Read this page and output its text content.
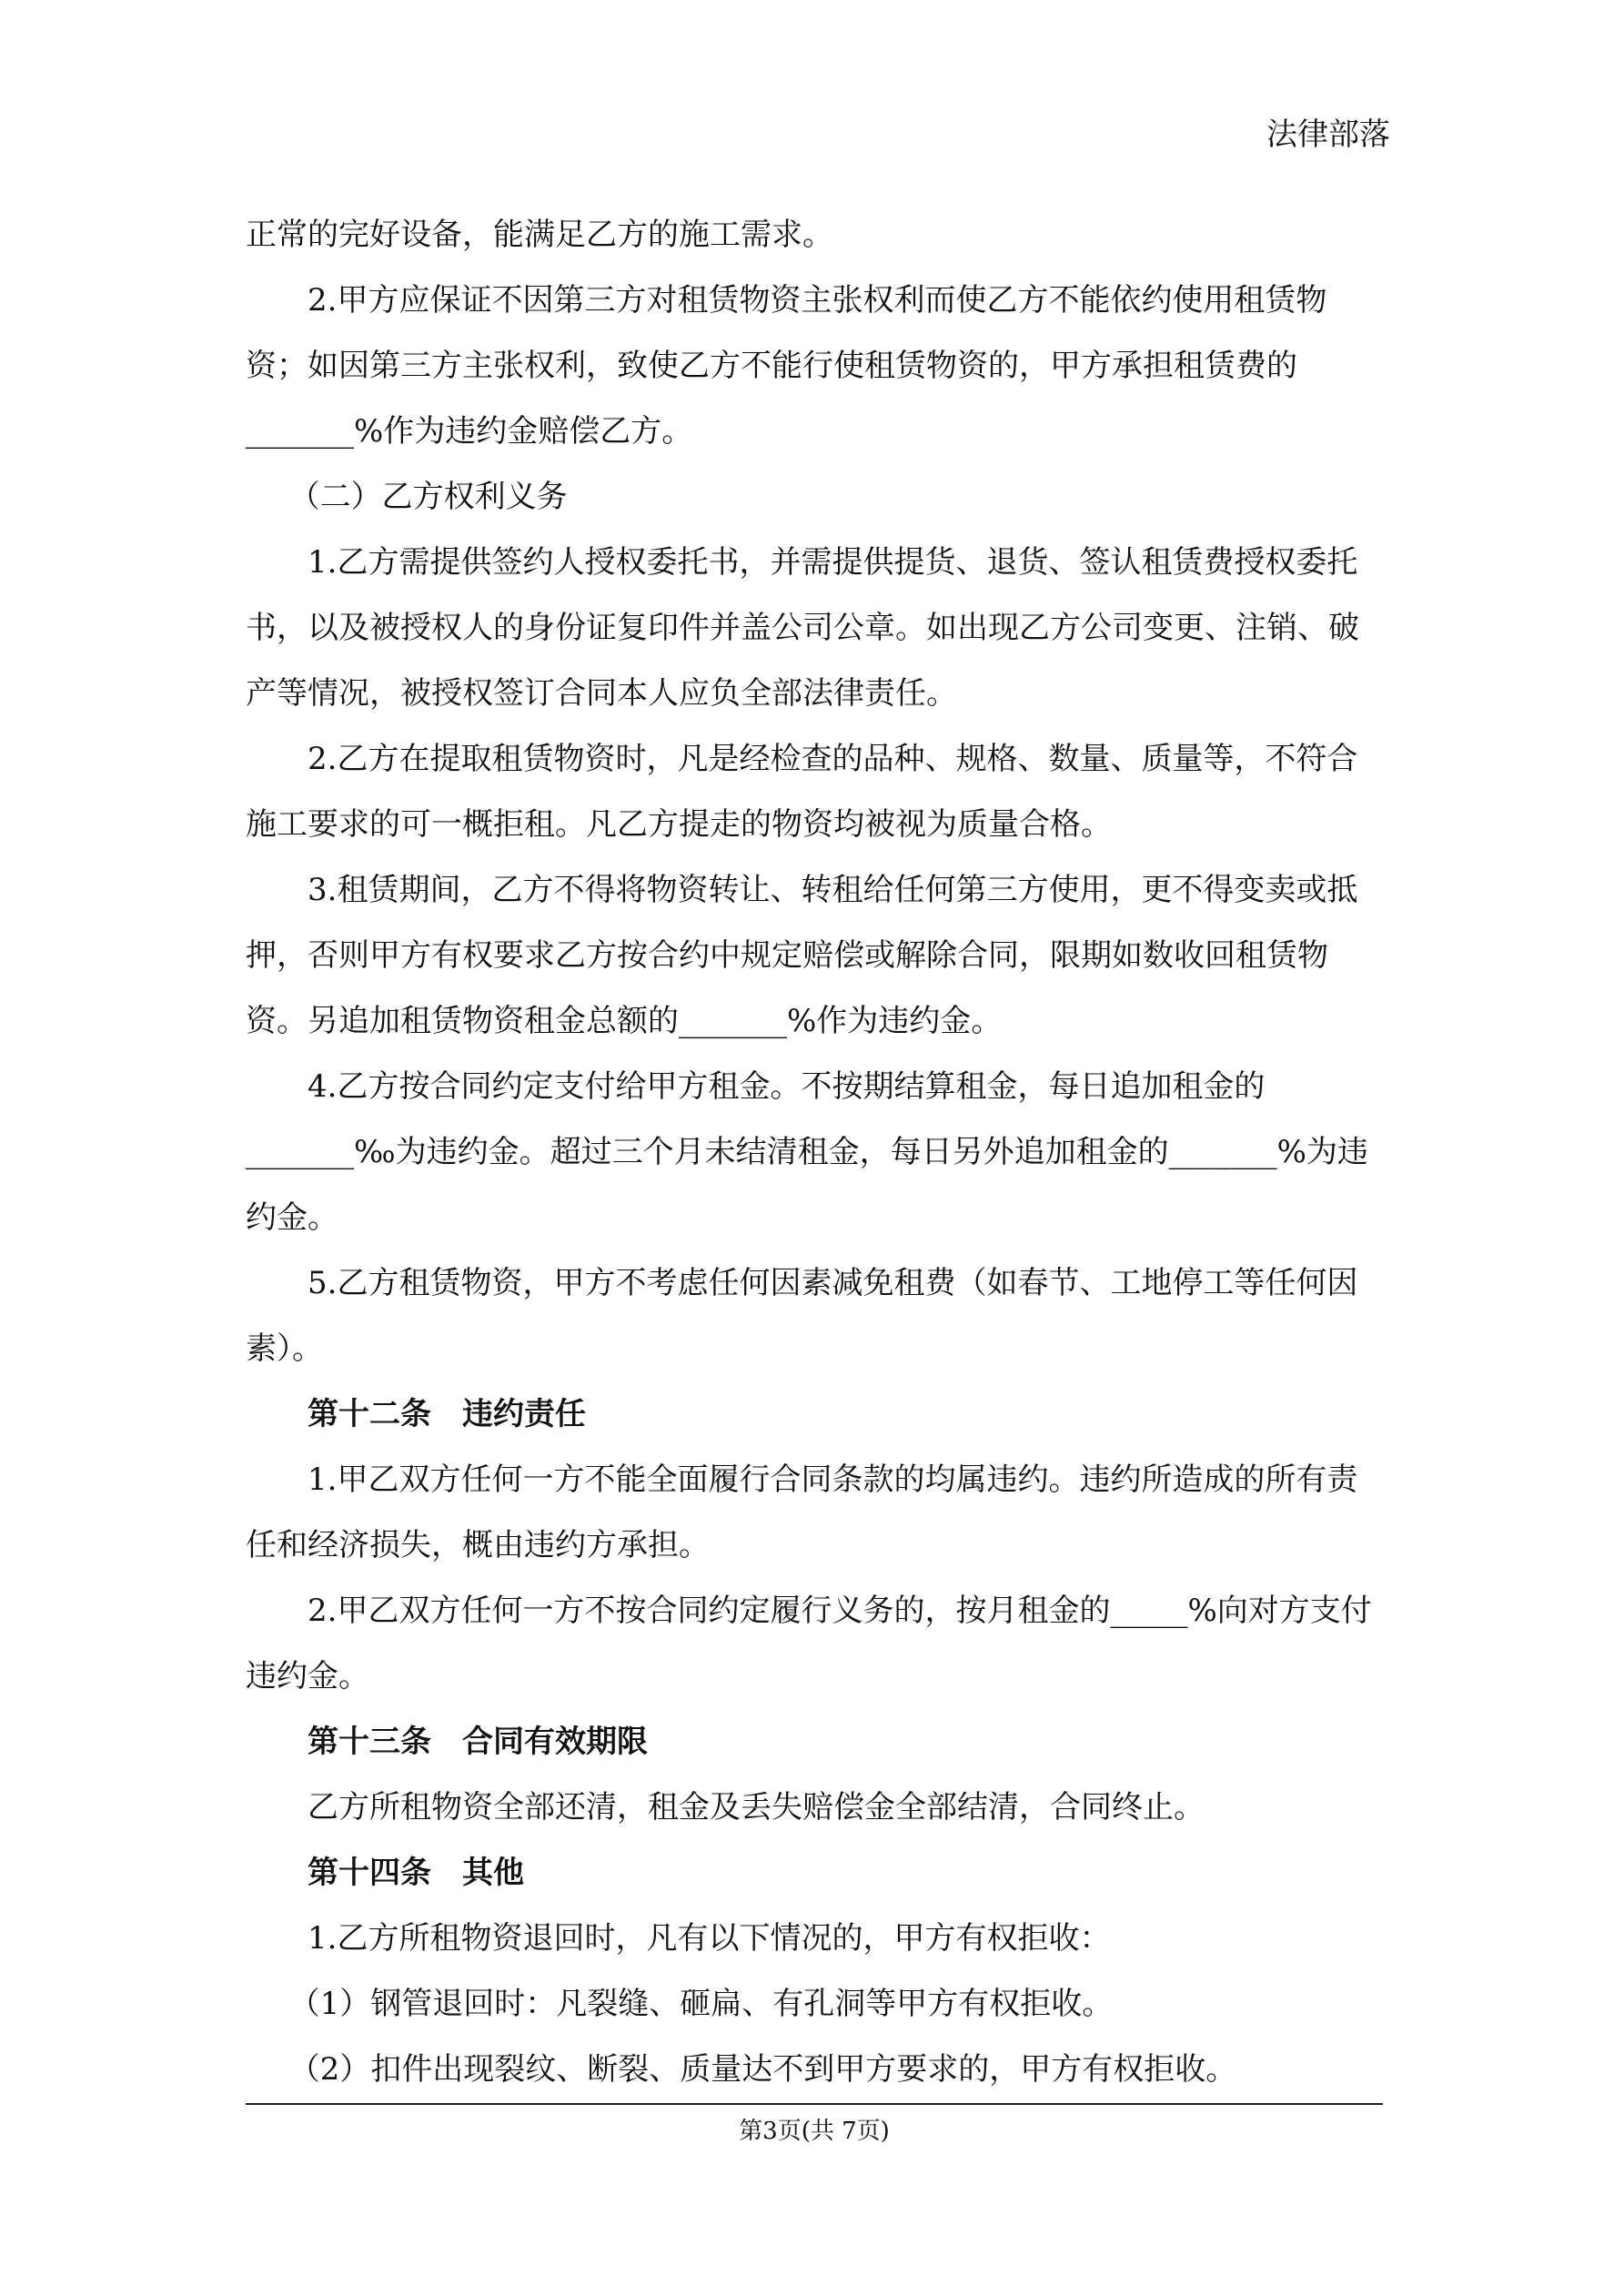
法律部落

正常的完好设备，能满足乙方的施工需求。

2.甲方应保证不因第三方对租赁物资主张权利而使乙方不能依约使用租赁物资；如因第三方主张权利，致使乙方不能行使租赁物资的，甲方承担租赁费的_______%作为违约金赔偿乙方。

（二）乙方权利义务

1.乙方需提供签约人授权委托书，并需提供提货、退货、签认租赁费授权委托书，以及被授权人的身份证复印件并盖公司公章。如出现乙方公司变更、注销、破产等情况，被授权签订合同本人应负全部法律责任。

2.乙方在提取租赁物资时，凡是经检查的品种、规格、数量、质量等，不符合施工要求的可一概拒租。凡乙方提走的物资均被视为质量合格。

3.租赁期间，乙方不得将物资转让、转租给任何第三方使用，更不得变卖或抵押，否则甲方有权要求乙方按合约中规定赔偿或解除合同，限期如数收回租赁物资。另追加租赁物资租金总额的_______%作为违约金。

4.乙方按合同约定支付给甲方租金。不按期结算租金，每日追加租金的_______‰为违约金。超过三个月未结清租金，每日另外追加租金的_______%为违约金。

5.乙方租赁物资，甲方不考虑任何因素减免租费（如春节、工地停工等任何因素）。

第十二条　违约责任

1.甲乙双方任何一方不能全面履行合同条款的均属违约。违约所造成的所有责任和经济损失，概由违约方承担。

2.甲乙双方任何一方不按合同约定履行义务的，按月租金的_____%向对方支付违约金。

第十三条　合同有效期限

乙方所租物资全部还清，租金及丢失赔偿金全部结清，合同终止。

第十四条　其他

1.乙方所租物资退回时，凡有以下情况的，甲方有权拒收：

（1）钢管退回时：凡裂缝、砸扁、有孔洞等甲方有权拒收。

（2）扣件出现裂纹、断裂、质量达不到甲方要求的，甲方有权拒收。

第3页(共 7页)
